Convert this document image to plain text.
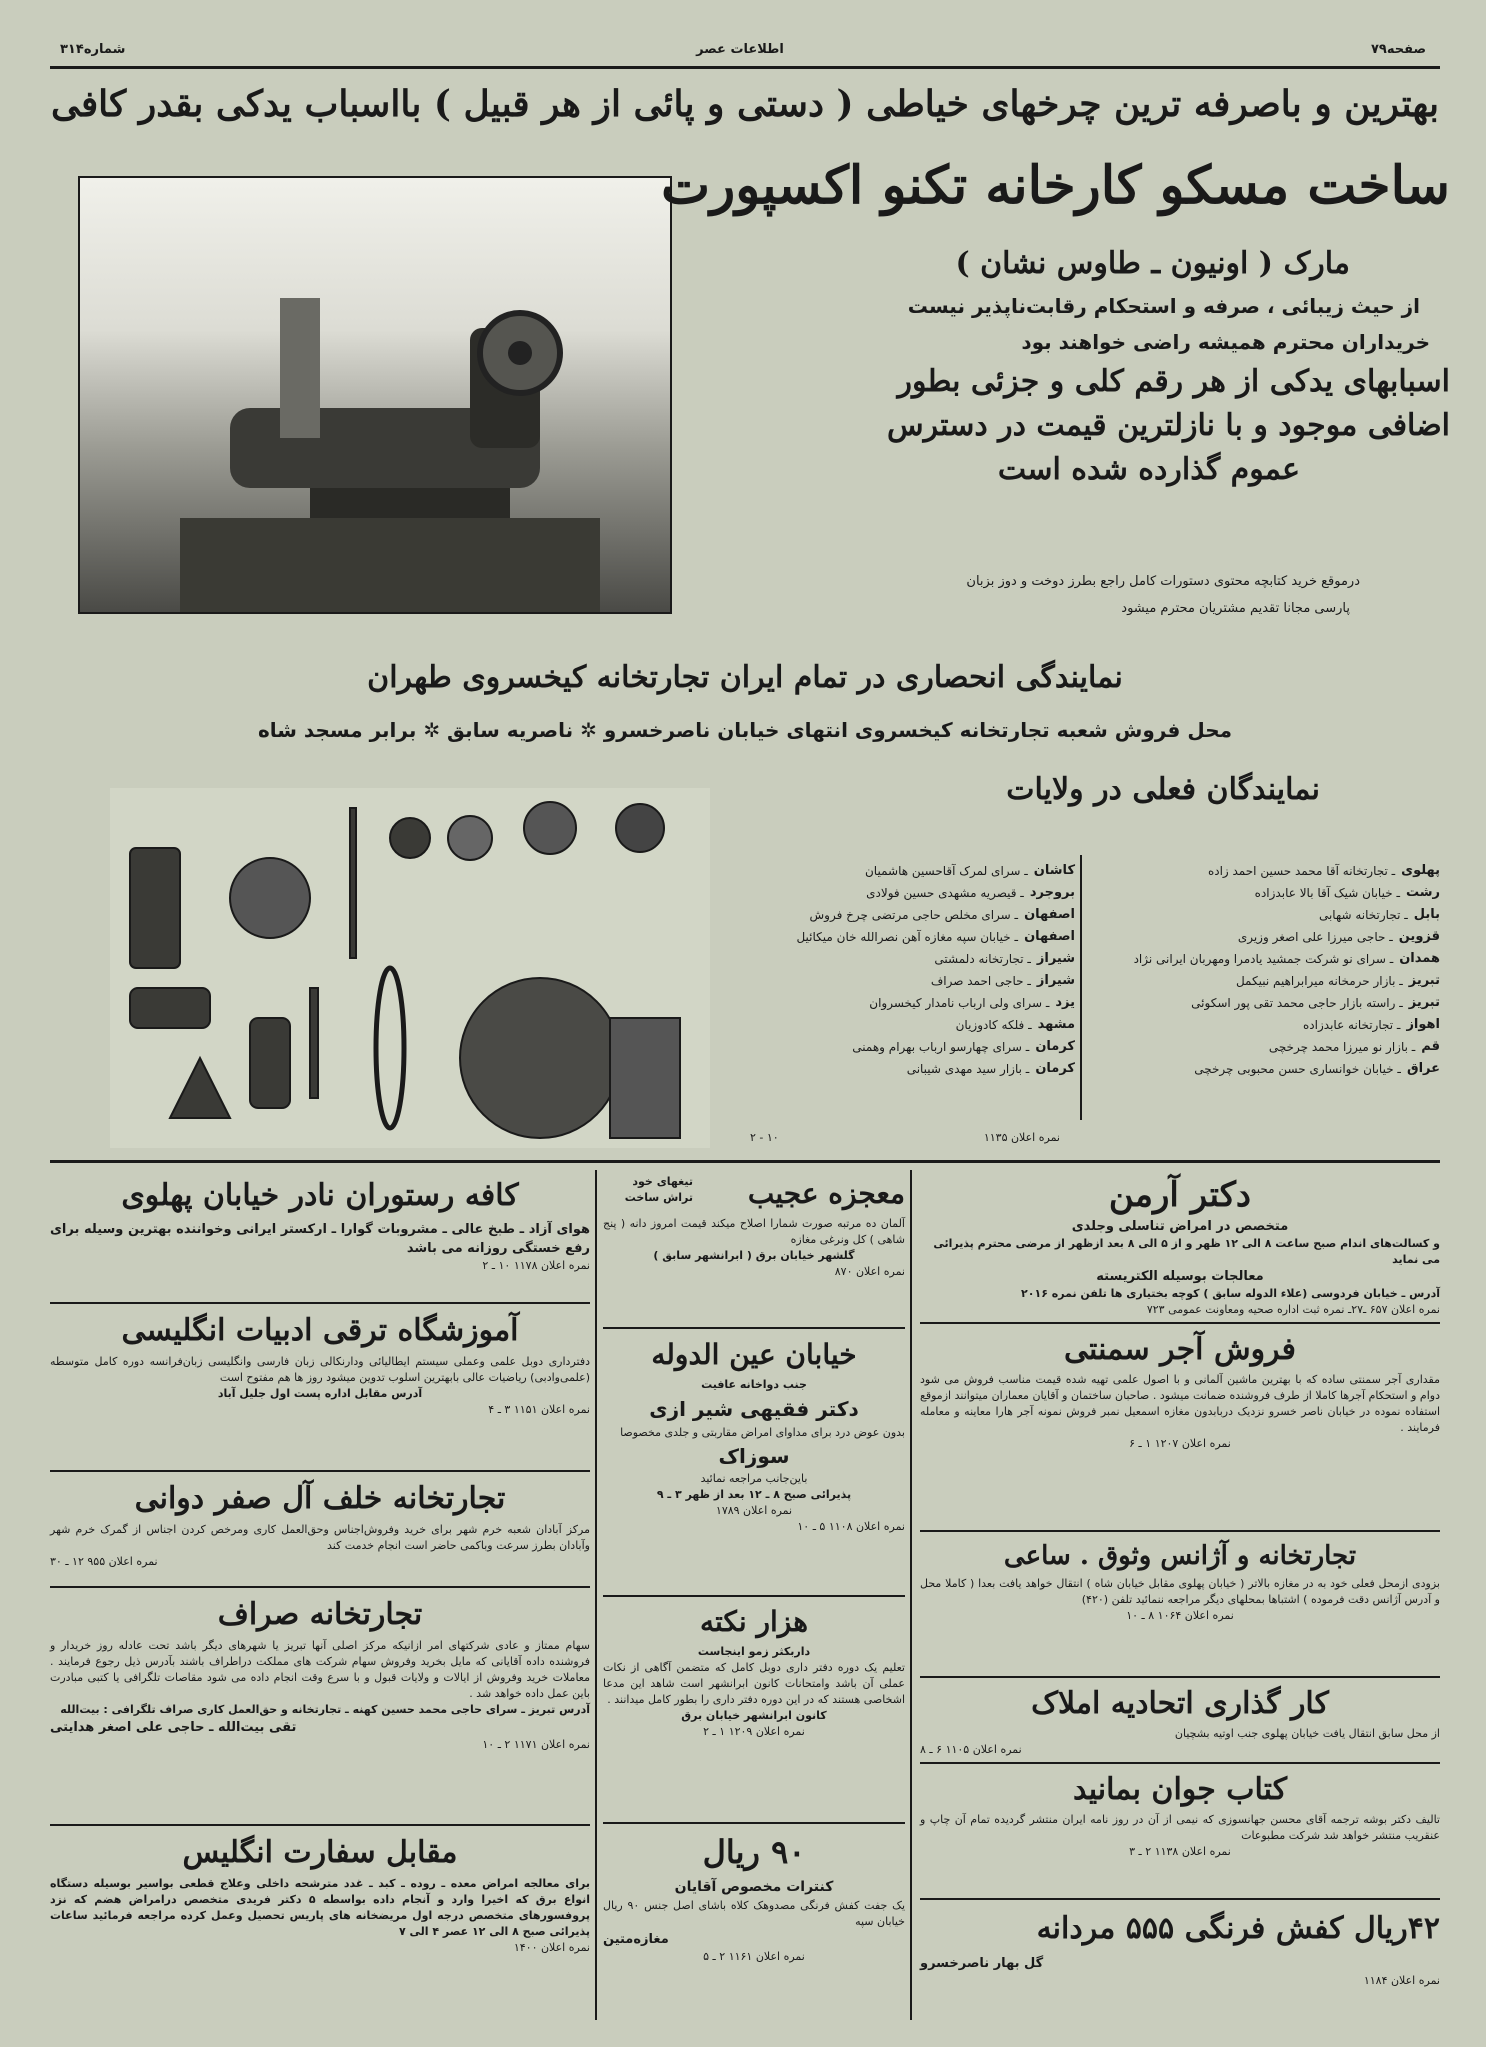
صفحه۷۹
اطلاعات عصر
شماره۳۱۴
بهترین و باصرفه ترین چرخهای خیاطی ( دستی و پائی از هر قبیل ) بااسباب یدکی بقدر کافی
ساخت مسکو کارخانه تکنو اکسپورت
مارک ( اونیون ـ طاوس نشان )
از حیث زیبائی ، صرفه و استحکام رقابت‌ناپذیر نیست
خریداران محترم همیشه راضی خواهند بود
اسبابهای یدکی از هر رقم کلی و جزئی بطور
اضافی موجود و با نازلترین قیمت در دسترس
عموم گذارده شده است
درموقع خرید کتابچه محتوی دستورات کامل راجع بطرز دوخت و دوز بزبان
پارسی مجانا تقدیم مشتریان محترم میشود
نمایندگی انحصاری در تمام ایران تجارتخانه کیخسروی طهران
محل فروش شعبه تجارتخانه کیخسروی انتهای خیابان ناصرخسرو ✲ ناصریه سابق ✲ برابر مسجد شاه
نمایندگان فعلی در ولایات
پهلوی
ـ تجارتخانه آقا محمد حسین احمد زاده
رشت
ـ خیابان شیک آقا بالا عابدزاده
بابل
ـ تجارتخانه شهابی
قزوین
ـ حاجی میرزا علی اصغر وزیری
همدان
ـ سرای نو شرکت جمشید یادمرا ومهربان ایرانی نژاد
تبریز
ـ بازار حرمخانه میرابراهیم نبیکمل
تبریز
ـ راسته بازار حاجی محمد تقی پور اسکوئی
اهواز
ـ تجارتخانه عابدزاده
قم
ـ بازار نو میرزا محمد چرخچی
عراق
ـ خیابان خوانساری حسن محبوبی چرخچی
کاشان
ـ سرای لمرک آقاحسین هاشمیان
بروجرد
ـ قیصریه مشهدی حسین فولادی
اصفهان
ـ سرای مخلص حاجی مرتضی چرخ فروش
اصفهان
ـ خیابان سپه مغازه آهن نصرالله خان میکائیل
شیراز
ـ تجارتخانه دلمشتی
شیراز
ـ حاجی احمد صراف
یزد
ـ سرای ولی ارباب نامدار کیخسروان
مشهد
ـ فلکه کادوزیان
کرمان
ـ سرای چهارسو ارباب بهرام وهمنی
کرمان
ـ بازار سید مهدی شیبانی
نمره اعلان ۱۱۳۵
۲ - ۱۰
دکتر آرمن
متخصص در امراض تناسلی وجلدی
و کسالت‌های اندام صبح ساعت ۸ الی ۱۲ ظهر و از ۵ الی ۸ بعد ازظهر از مرضی محترم پذیرائی می نماید
معالجات بوسیله الکتریسته
آدرس ـ خیابان فردوسی (علاء الدوله سابق ) کوچه بختیاری ها تلفن نمره ۲۰۱۶
نمره اعلان ۶۵۷ ـ۲۷ـ نمره ثبت اداره صحیه ومعاونت عمومی ۷۲۳
فروش آجر سمنتی
مقداری آجر سمنتی ساده که با بهترین ماشین آلمانی و با اصول علمی تهیه شده قیمت مناسب فروش می شود دوام و استحکام آجرها کاملا از طرف فروشنده ضمانت میشود . صاحبان ساختمان و آقایان معماران میتوانند ازموقع استفاده نموده در خیابان ناصر خسرو نزدیک دربابدون مغازه اسمعیل نمبر فروش نمونه آجر هارا معاینه و معامله فرمایند .
نمره اعلان ۱۲۰۷ ۱ ـ ۶
تجارتخانه و آژانس وثوق . ساعی
بزودی ازمحل فعلی خود به در مغازه بالاتر ( خیابان پهلوی مقابل خیابان شاه ) انتقال خواهد یافت بعدا ( کاملا محل و آدرس آژانس دقت فرموده ) اشتباها بمحلهای دیگر مراجعه ننمائید تلفن (۴۲۰)
نمره اعلان ۱۰۶۴ ۸ ـ ۱۰
کار گذاری اتحادیه املاک
از محل سابق انتقال یافت خیابان پهلوی جنب اوتیه بشچیان
نمره اعلان ۱۱۰۵ ۶ ـ ۸
کتاب جوان بمانید
تالیف دکتر بوشه ترجمه آقای محسن جهانسوزی که نیمی از آن در روز نامه ایران منتشر گردیده تمام آن چاپ و عنقریب منتشر خواهد شد شرکت مطبوعات
نمره اعلان ۱۱۳۸ ۲ ـ ۳
۴۲ریال کفش فرنگی ۵۵۵ مردانه
گل بهار ناصرخسرو
نمره اعلان ۱۱۸۴
معجزه عجیب
تیغهای خود تراش ساخت
آلمان ده مرتبه صورت شمارا اصلاح میکند قیمت امروز دانه ( پنج شاهی ) کل ونرغی مغازه
گلشهر خیابان برق ( ابرانشهر سابق )
نمره اعلان ۸۷۰
خیابان عین الدوله
جنب دواخانه عافیت
دکتر فقیهی شیر ازی
بدون عوض درد برای مداوای امراض مقاربتی و جلدی مخصوصا
سوزاک
باین‌جانب مراجعه نمائید
پذیرائی صبح ۸ ـ ۱۲ بعد از ظهر ۳ ـ ۹
نمره اعلان ۱۷۸۹
نمره اعلان ۱۱۰۸ ۵ ـ ۱۰
هزار نکته
داربکثر زمو اینجاست
تعلیم یک دوره دفتر داری دوبل کامل که متضمن آگاهی از نکات عملی آن باشد وامتحانات کانون ابرانشهر است شاهد این مدعا اشخاصی هستند که در این دوره دفتر داری را بطور کامل میدانند .
کانون ابرانشهر خیابان برق
نمره اعلان ۱۲۰۹ ۱ ـ ۲
۹۰ ریال
کنترات مخصوص آقایان
یک جفت کفش فرنگی مصدوهک کلاه باشای اصل جنس ۹۰ ریال خیابان سپه
مغازه‌متین
نمره اعلان ۱۱۶۱ ۲ ـ ۵
کافه رستوران نادر خیابان پهلوی
هوای آزاد ـ طبخ عالی ـ مشروبات گوارا ـ ارکستر ایرانی وخواننده بهترین وسیله برای رفع خستگی روزانه می باشد
نمره اعلان ۱۱۷۸ ۱۰ ـ ۲
آموزشگاه ترقی ادبیات انگلیسی
دفترداری دوبل علمی وعملی سیستم ایطالیائی ودارنکالی زبان فارسی وانگلیسی زبان‌فرانسه دوره کامل متوسطه (علمی‌وادبی) ریاضیات عالی بابهترین اسلوب تدوین میشود روز ها هم مفتوح است
آدرس مقابل اداره پست اول جلیل آباد
نمره اعلان ۱۱۵۱ ۳ ـ ۴
تجارتخانه خلف آل صفر دوانی
مرکز آبادان شعبه خرم شهر برای خرید وفروش‌اجناس وحق‌العمل کاری ومرخص کردن اجناس از گمرک خرم شهر وآبادان بطرز سرعت وباکمی حاضر است انجام خدمت کند
نمره اعلان ۹۵۵ ۱۲ ـ ۳۰
تجارتخانه صراف
سهام ممتاز و عادی شرکتهای امر ازانیکه مرکز اصلی آنها تبریز یا شهرهای دیگر باشد تحت عادله روز خریدار و فروشنده داده آقایانی که مایل بخرید وفروش سهام شرکت های مملکت دراطراف باشند بآدرس ذیل رجوع فرمایند . معاملات خرید وفروش از ایالات و ولایات قبول و با سرع وقت انجام داده می شود مقاصات تلگرافی یا کتبی مبادرت باین عمل داده خواهد شد .
آدرس تبریز ـ سرای حاجی محمد حسین کهنه ـ تجارتخانه و حق‌العمل کاری صراف تلگرافی : بیت‌الله
تقی بیت‌الله ـ حاجی علی اصغر هدایتی
نمره اعلان ۱۱۷۱ ۲ ـ ۱۰
مقابل سفارت انگلیس
برای معالجه امراض معده ـ روده ـ کبد ـ غدد مترشحه داخلی وعلاج قطعی بواسیر بوسیله دستگاه انواع برق که اخیرا وارد و آنجام داده بواسطه ۵ دکتر فریدی متخصص درامراض هضم که نزد پروفسورهای متخصص درجه اول مریضخانه های پاریس تحصیل وعمل کرده مراجعه فرمائید ساعات پذیرائی صبح ۸ الی ۱۲ عصر ۴ الی ۷
نمره اعلان ۱۴۰۰
